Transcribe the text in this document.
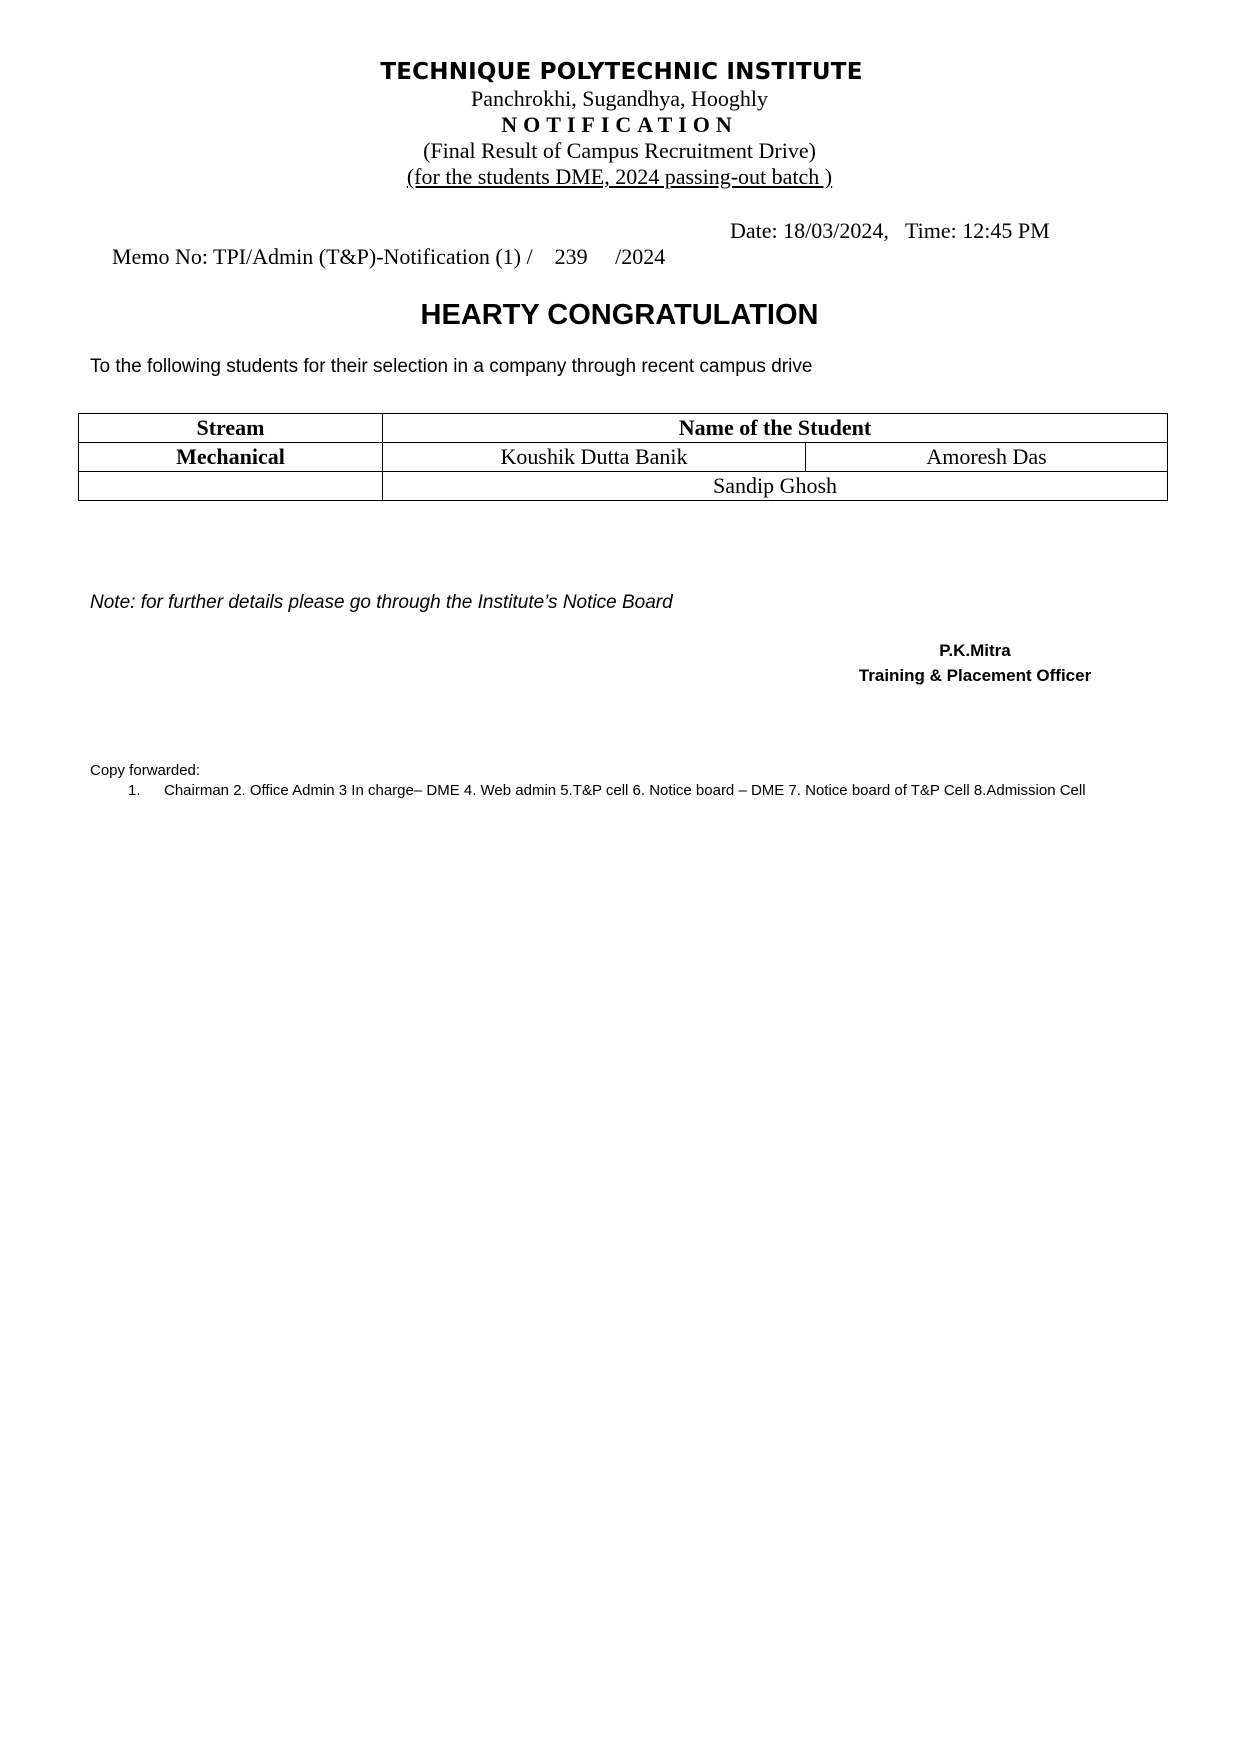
TECHNIQUE POLYTECHNIC INSTITUTE
Panchrokhi, Sugandhya, Hooghly
NOTIFICATION
(Final Result of Campus Recruitment Drive)
(for the students DME, 2024 passing-out batch )

Memo No: TPI/Admin (T&P)-Notification (1) /    239     /2024

Date: 18/03/2024,   Time: 12:45 PM

HEARTY CONGRATULATION
To the following students for their selection in a company through recent campus drive
Stream	Name of the Student	
Mechanical	Koushik Dutta Banik	Amoresh Das
	Sandip Ghosh	
Note: for further details please go through the Institute’s Notice Board
P.K.Mitra
Training & Placement Officer
Copy forwarded:
1. Chairman 2. Office Admin 3 In charge– DME 4. Web admin 5.T&P cell 6. Notice board – DME 7. Notice board of T&P Cell 8.Admission Cell
